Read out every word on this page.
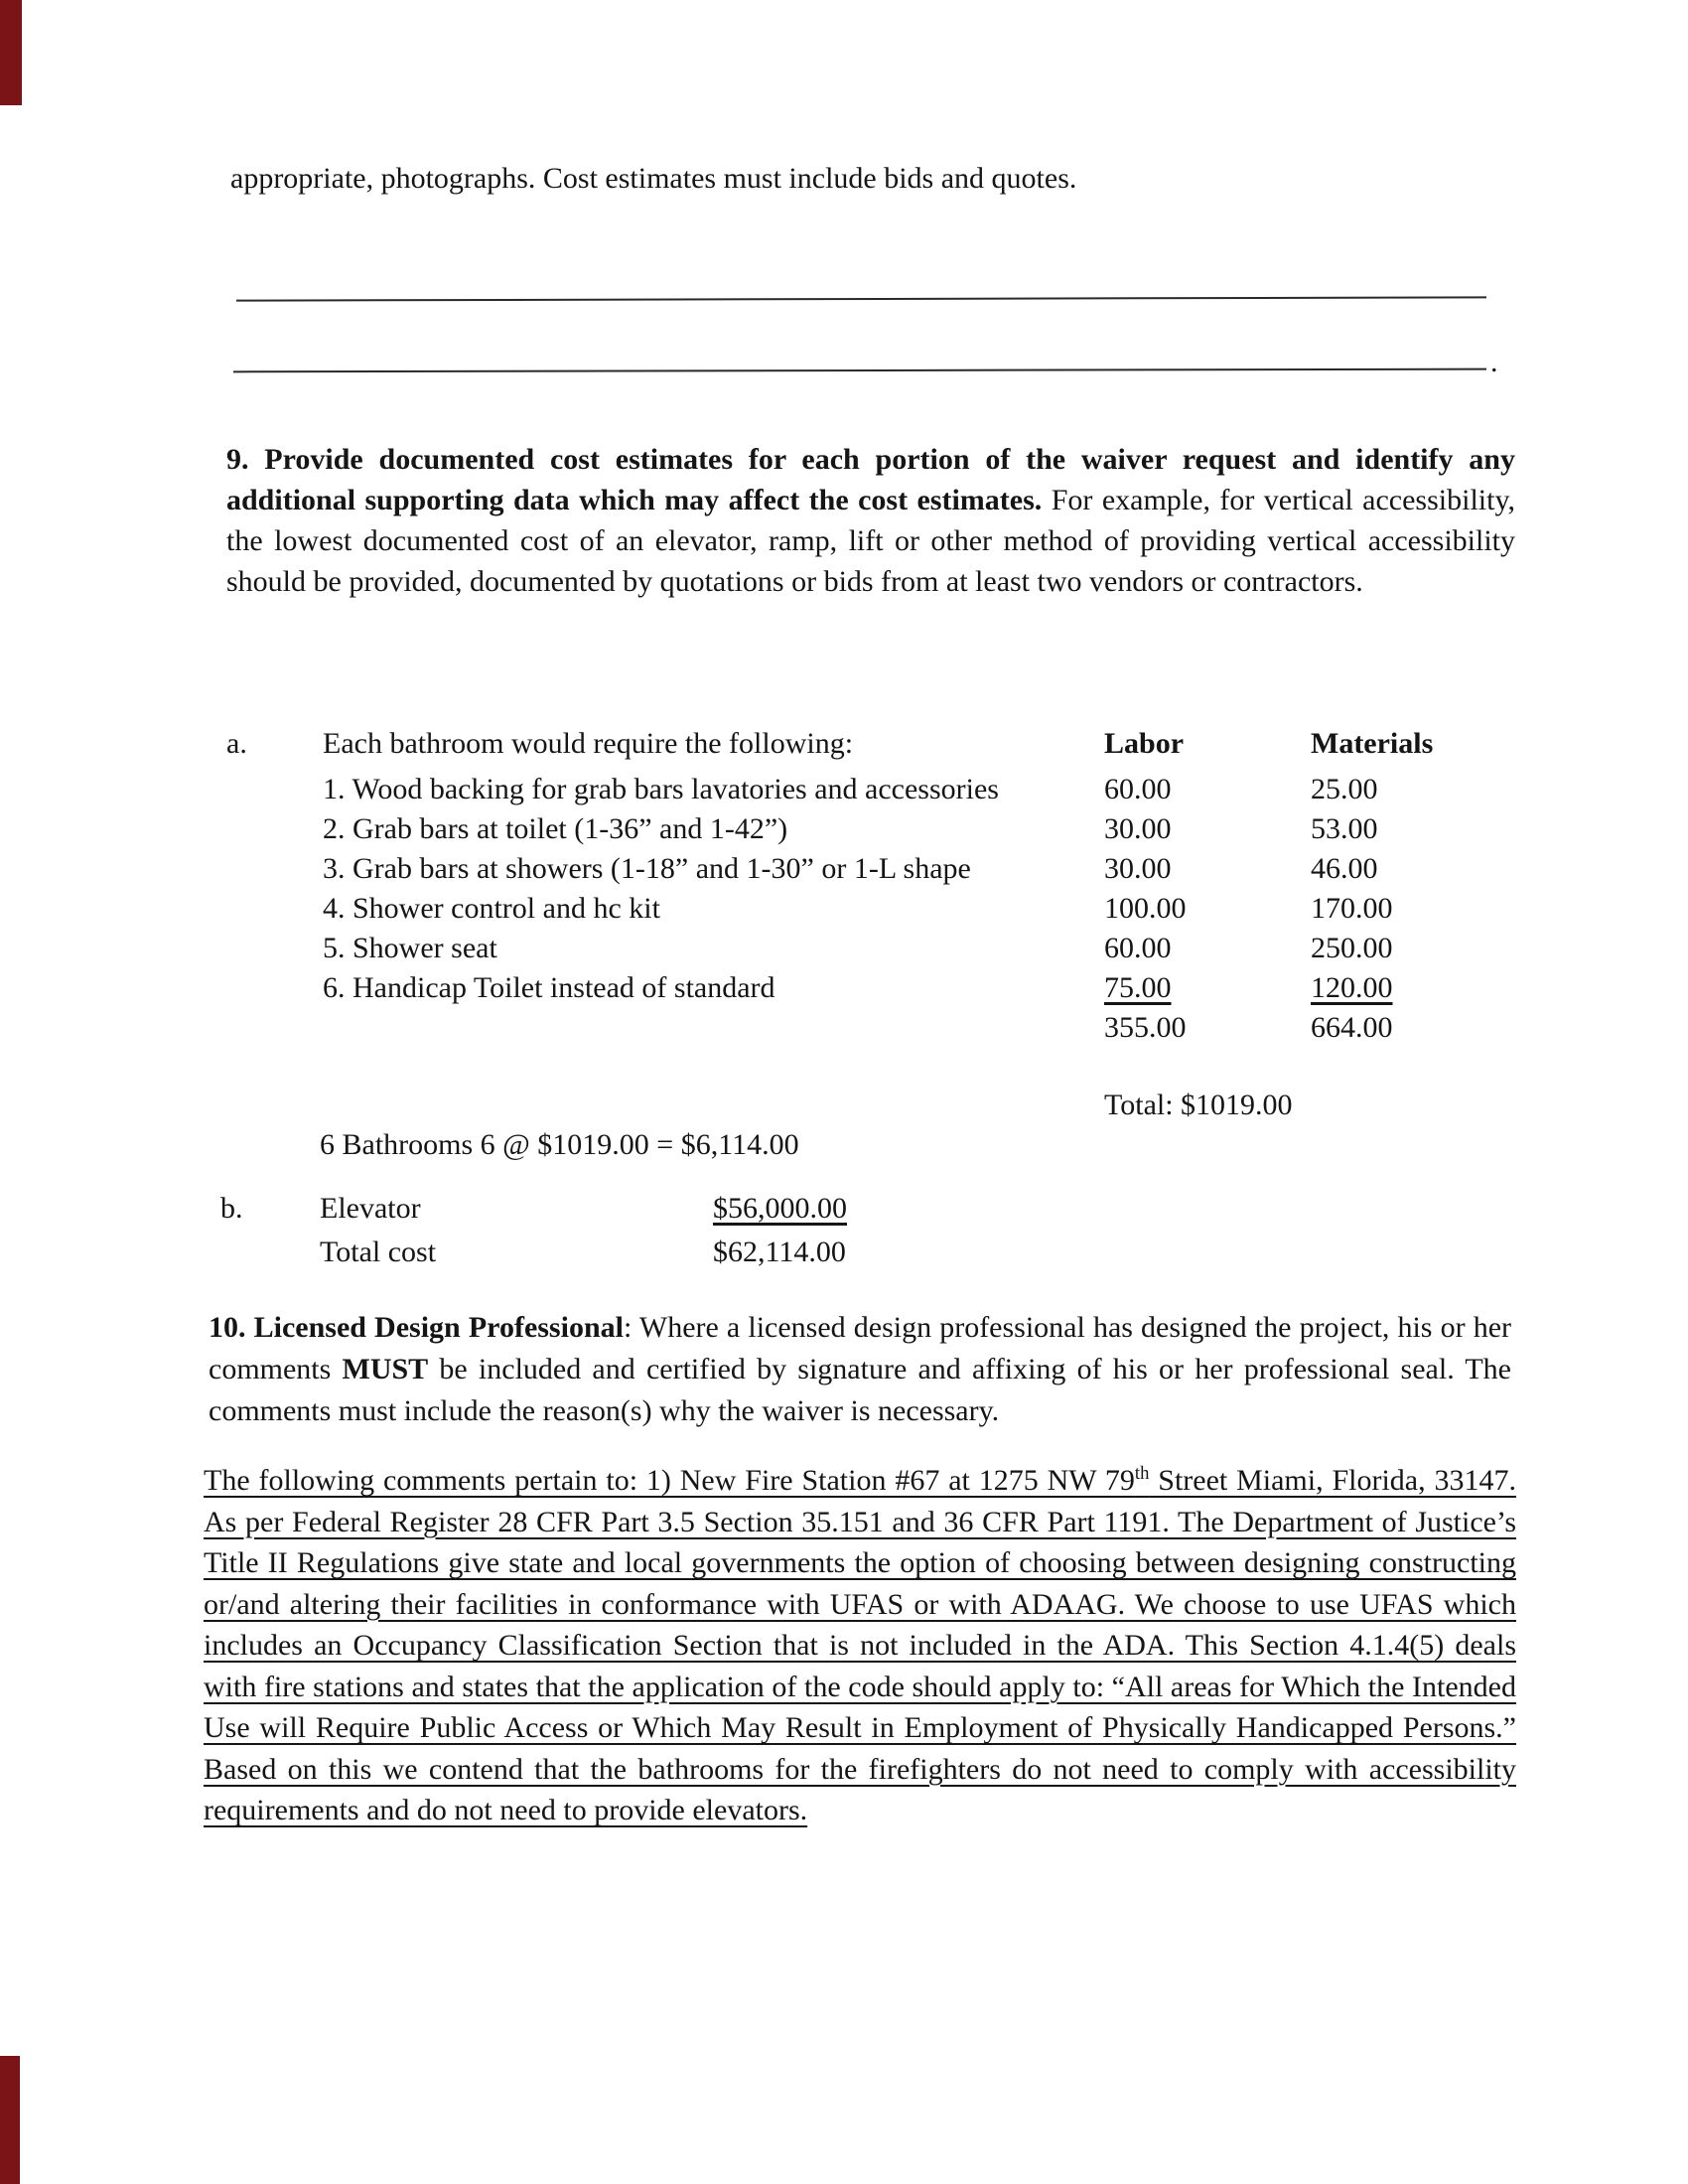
appropriate, photographs. Cost estimates must include bids and quotes.
.
9. Provide documented cost estimates for each portion of the waiver request and identify any additional supporting data which may affect the cost estimates. For example, for vertical accessibility, the lowest documented cost of an elevator, ramp, lift or other method of providing vertical accessibility should be provided, documented by quotations or bids from at least two vendors or contractors.
a.	Each bathroom would require the following:	Labor	Materials
1. Wood backing for grab bars lavatories and accessories	60.00	25.00
2. Grab bars at toilet (1-36” and 1-42”)	30.00	53.00
3. Grab bars at showers (1-18” and 1-30” or 1-L shape	30.00	46.00
4. Shower control and hc kit	100.00	170.00
5. Shower seat	60.00	250.00
6. Handicap Toilet instead of standard	75.00	120.00
355.00	664.00
Total: $1019.00
6 Bathrooms 6 @ $1019.00 = $6,114.00
b.	Elevator	$56,000.00
Total cost	$62,114.00
10. Licensed Design Professional: Where a licensed design professional has designed the project, his or her comments MUST be included and certified by signature and affixing of his or her professional seal. The comments must include the reason(s) why the waiver is necessary.
The following comments pertain to: 1) New Fire Station #67 at 1275 NW 79th Street Miami, Florida, 33147. As per Federal Register 28 CFR Part 3.5 Section 35.151 and 36 CFR Part 1191. The Department of Justice’s Title II Regulations give state and local governments the option of choosing between designing constructing or/and altering their facilities in conformance with UFAS or with ADAAG. We choose to use UFAS which includes an Occupancy Classification Section that is not included in the ADA. This Section 4.1.4(5) deals with fire stations and states that the application of the code should apply to: “All areas for Which the Intended Use will Require Public Access or Which May Result in Employment of Physically Handicapped Persons.” Based on this we contend that the bathrooms for the firefighters do not need to comply with accessibility requirements and do not need to provide elevators.
